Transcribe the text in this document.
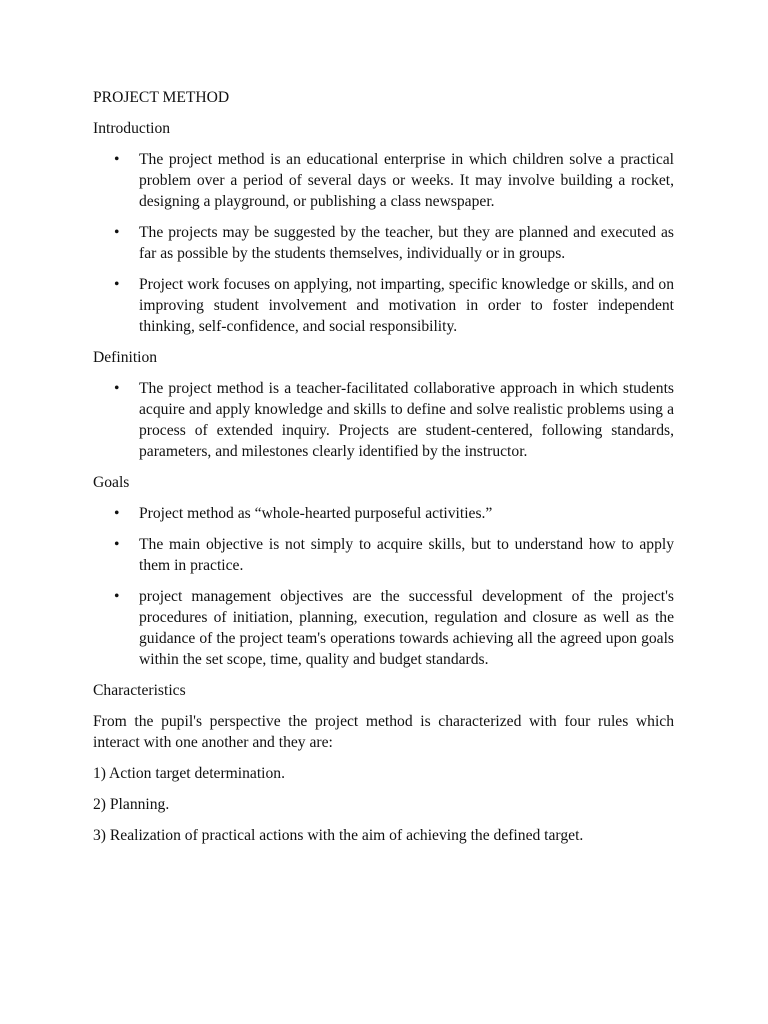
PROJECT METHOD

Introduction

• The project method is an educational enterprise in which children solve a practical problem over a period of several days or weeks. It may involve building a rocket, designing a playground, or publishing a class newspaper.
• The projects may be suggested by the teacher, but they are planned and executed as far as possible by the students themselves, individually or in groups.
• Project work focuses on applying, not imparting, specific knowledge or skills, and on improving student involvement and motivation in order to foster independent thinking, self-confidence, and social responsibility.

Definition

• The project method is a teacher-facilitated collaborative approach in which students acquire and apply knowledge and skills to define and solve realistic problems using a process of extended inquiry. Projects are student-centered, following standards, parameters, and milestones clearly identified by the instructor.

Goals

• Project method as “whole-hearted purposeful activities.”
• The main objective is not simply to acquire skills, but to understand how to apply them in practice.
• project management objectives are the successful development of the project's procedures of initiation, planning, execution, regulation and closure as well as the guidance of the project team's operations towards achieving all the agreed upon goals within the set scope, time, quality and budget standards.

Characteristics

From the pupil's perspective the project method is characterized with four rules which interact with one another and they are:

1) Action target determination.

2) Planning.

3) Realization of practical actions with the aim of achieving the defined target.
